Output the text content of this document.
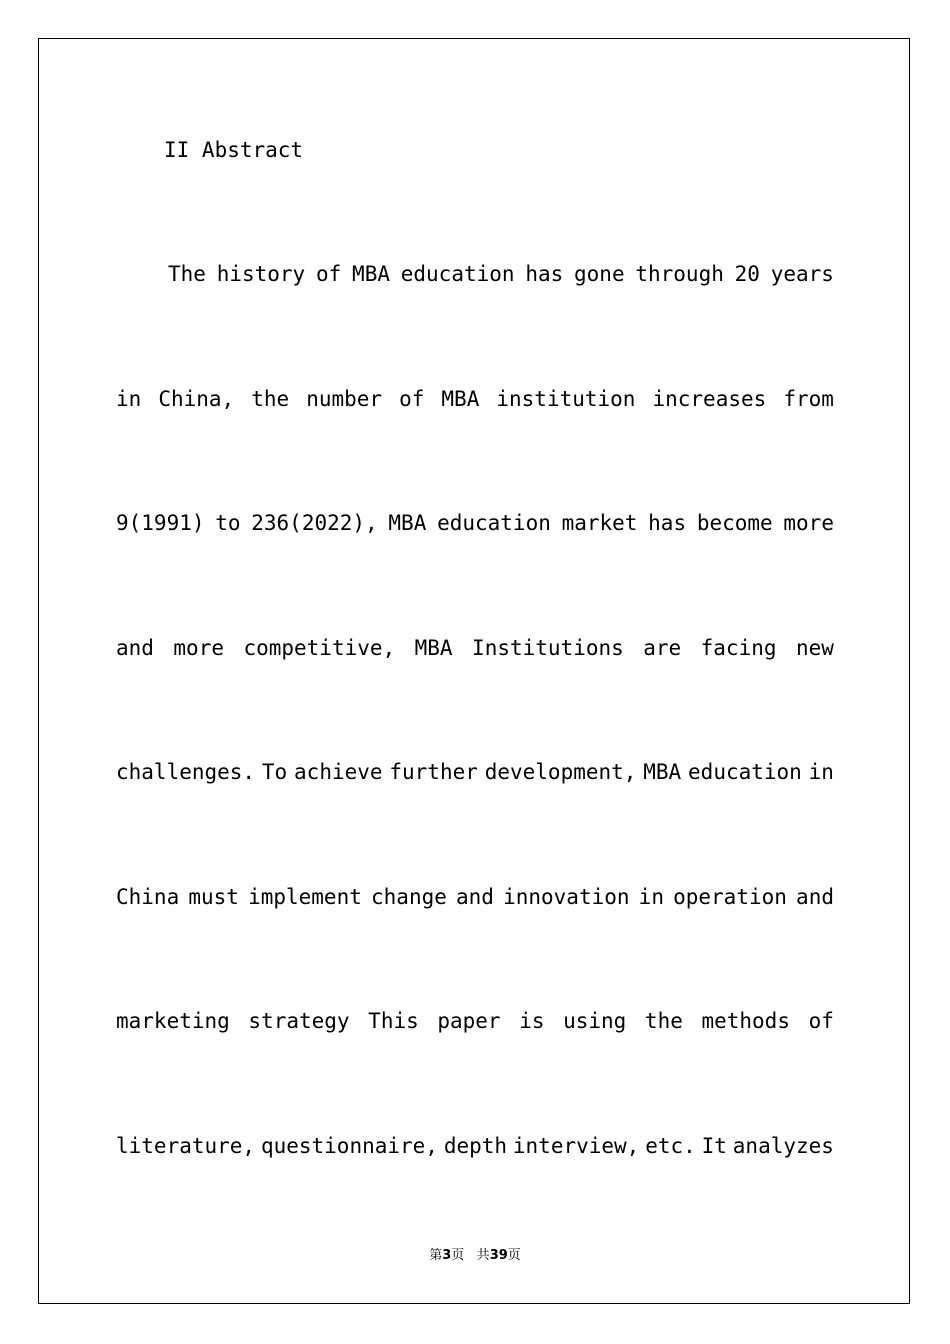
II Abstract
The history of MBA education has gone through 20 years
in China, the number of MBA institution increases from
9(1991) to 236(2022), MBA education market has become more
and more competitive, MBA Institutions are facing new
challenges. To achieve further development, MBA education in
China must implement change and innovation in operation and
marketing strategy This paper is using the methods of
literature, questionnaire, depth interview, etc. It analyzes
第3页 共39页
